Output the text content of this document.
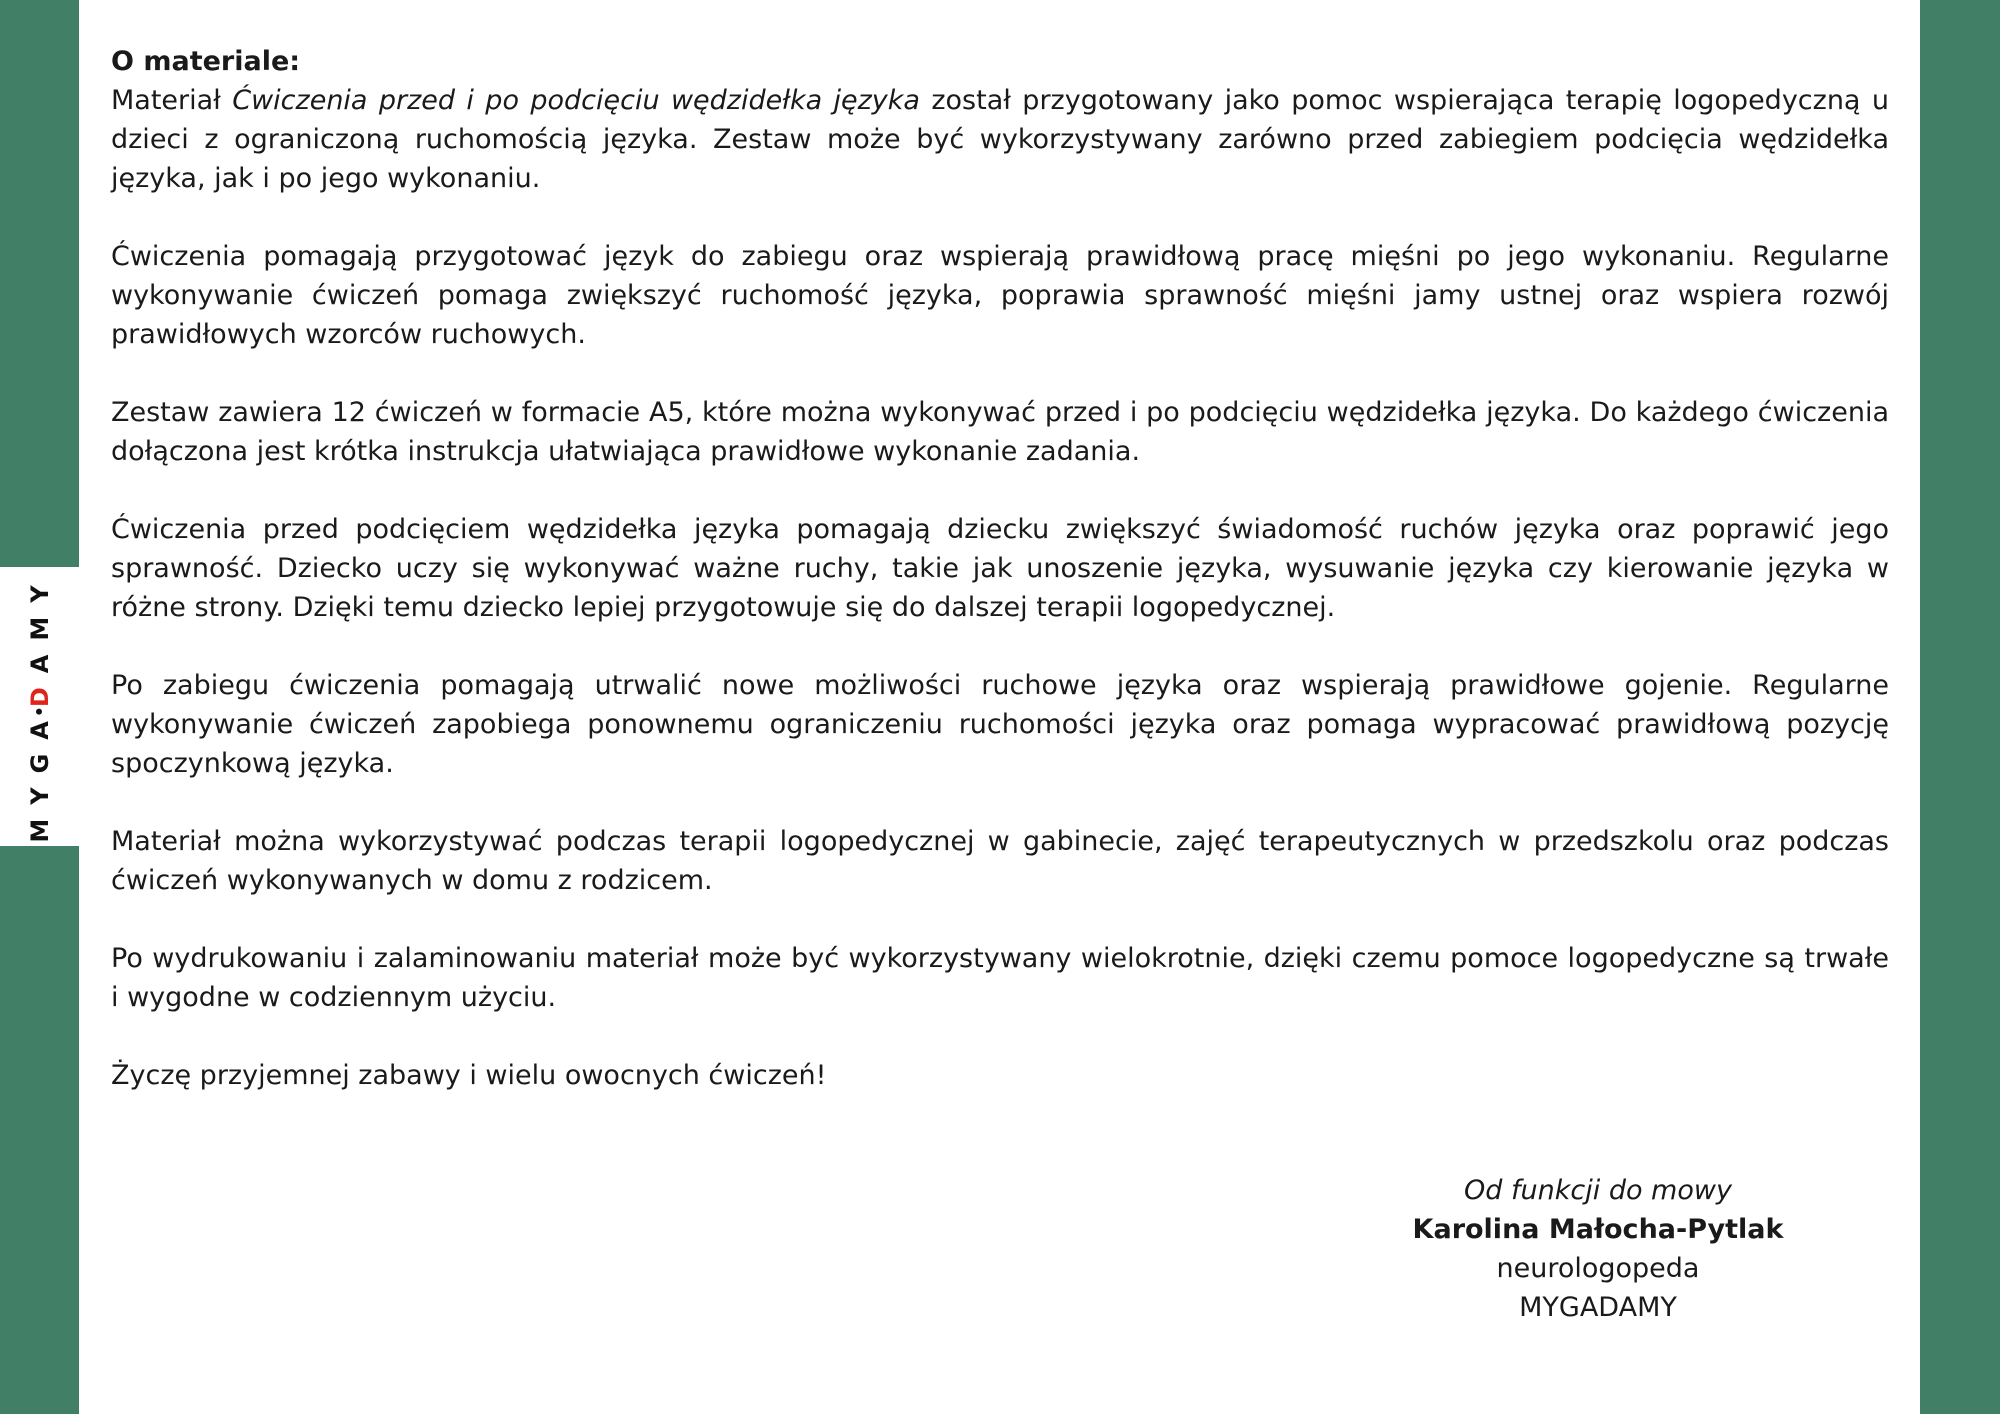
MYGADAMY

O materiale:
Materiał Ćwiczenia przed i po podcięciu wędzidełka języka został przygotowany jako pomoc wspierająca terapię logopedyczną u dzieci z ograniczoną ruchomością języka. Zestaw może być wykorzystywany zarówno przed zabiegiem podcięcia wędzidełka języka, jak i po jego wykonaniu.

Ćwiczenia pomagają przygotować język do zabiegu oraz wspierają prawidłową pracę mięśni po jego wykonaniu. Regularne wykonywanie ćwiczeń pomaga zwiększyć ruchomość języka, poprawia sprawność mięśni jamy ustnej oraz wspiera rozwój prawidłowych wzorców ruchowych.

Zestaw zawiera 12 ćwiczeń w formacie A5, które można wykonywać przed i po podcięciu wędzidełka języka. Do każdego ćwiczenia dołączona jest krótka instrukcja ułatwiająca prawidłowe wykonanie zadania.

Ćwiczenia przed podcięciem wędzidełka języka pomagają dziecku zwiększyć świadomość ruchów języka oraz poprawić jego sprawność. Dziecko uczy się wykonywać ważne ruchy, takie jak unoszenie języka, wysuwanie języka czy kierowanie języka w różne strony. Dzięki temu dziecko lepiej przygotowuje się do dalszej terapii logopedycznej.

Po zabiegu ćwiczenia pomagają utrwalić nowe możliwości ruchowe języka oraz wspierają prawidłowe gojenie. Regularne wykonywanie ćwiczeń zapobiega ponownemu ograniczeniu ruchomości języka oraz pomaga wypracować prawidłową pozycję spoczynkową języka.

Materiał można wykorzystywać podczas terapii logopedycznej w gabinecie, zajęć terapeutycznych w przedszkolu oraz podczas ćwiczeń wykonywanych w domu z rodzicem.

Po wydrukowaniu i zalaminowaniu materiał może być wykorzystywany wielokrotnie, dzięki czemu pomoce logopedyczne są trwałe i wygodne w codziennym użyciu.

Życzę przyjemnej zabawy i wielu owocnych ćwiczeń!

Od funkcji do mowy
Karolina Małocha-Pytlak
neurologopeda
MYGADAMY
